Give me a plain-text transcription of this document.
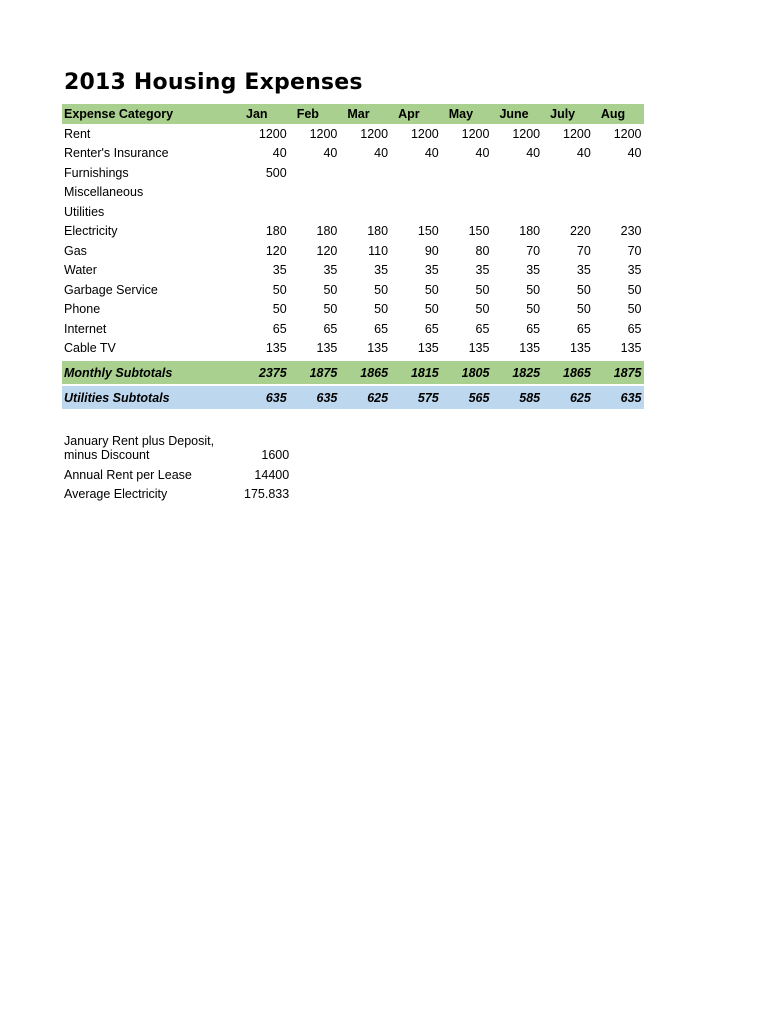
2013 Housing Expenses
Expense Category	Jan	Feb	Mar	Apr	May	June	July	Aug
Rent	1200	1200	1200	1200	1200	1200	1200	1200
Renter's Insurance	40	40	40	40	40	40	40	40
Furnishings	500							
Miscellaneous								
Utilities								
Electricity	180	180	180	150	150	180	220	230
Gas	120	120	110	90	80	70	70	70
Water	35	35	35	35	35	35	35	35
Garbage Service	50	50	50	50	50	50	50	50
Phone	50	50	50	50	50	50	50	50
Internet	65	65	65	65	65	65	65	65
Cable TV	135	135	135	135	135	135	135	135

Monthly Subtotals	2375	1875	1865	1815	1805	1825	1865	1875

Utilities Subtotals	635	635	625	575	565	585	625	635
January Rent plus Deposit, minus Discount	1600
Annual Rent per Lease	14400
Average Electricity	175.833
